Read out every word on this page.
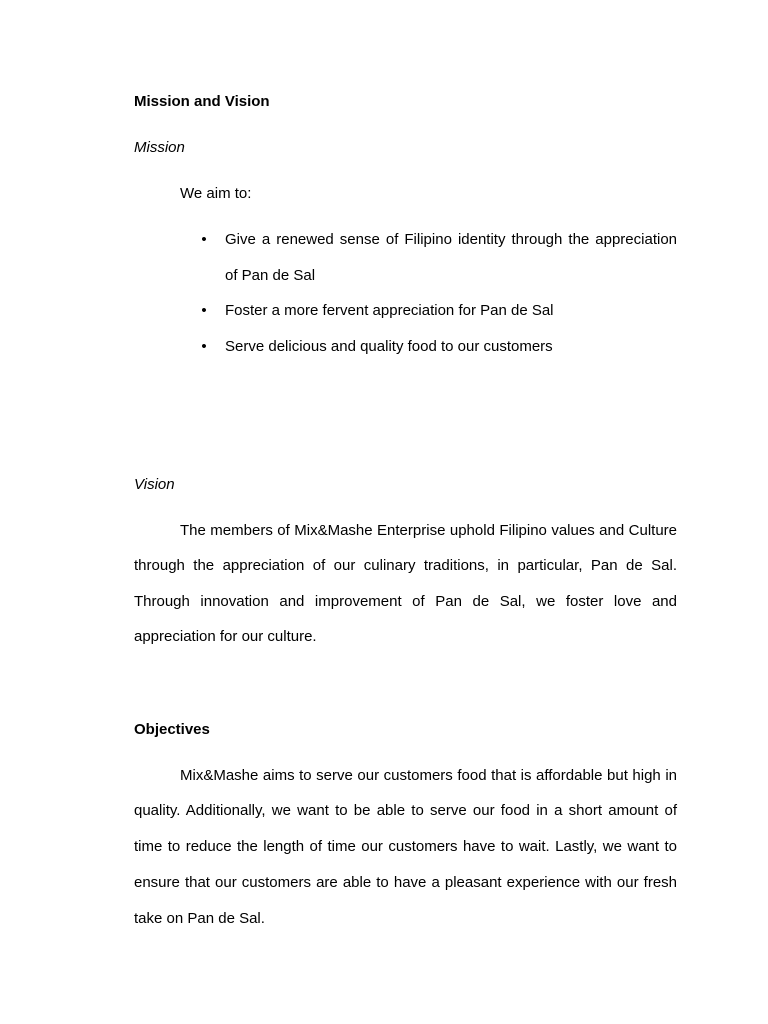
Mission and Vision
Mission
We aim to:
• Give a renewed sense of Filipino identity through the appreciation
of Pan de Sal
• Foster a more fervent appreciation for Pan de Sal
• Serve delicious and quality food to our customers
Vision
The members of Mix&Mashe Enterprise uphold Filipino values and Culture
through the appreciation of our culinary traditions, in particular, Pan de Sal.
Through innovation and improvement of Pan de Sal, we foster love and
appreciation for our culture.
Objectives
Mix&Mashe aims to serve our customers food that is affordable but high in
quality. Additionally, we want to be able to serve our food in a short amount of
time to reduce the length of time our customers have to wait. Lastly, we want to
ensure that our customers are able to have a pleasant experience with our fresh
take on Pan de Sal.
